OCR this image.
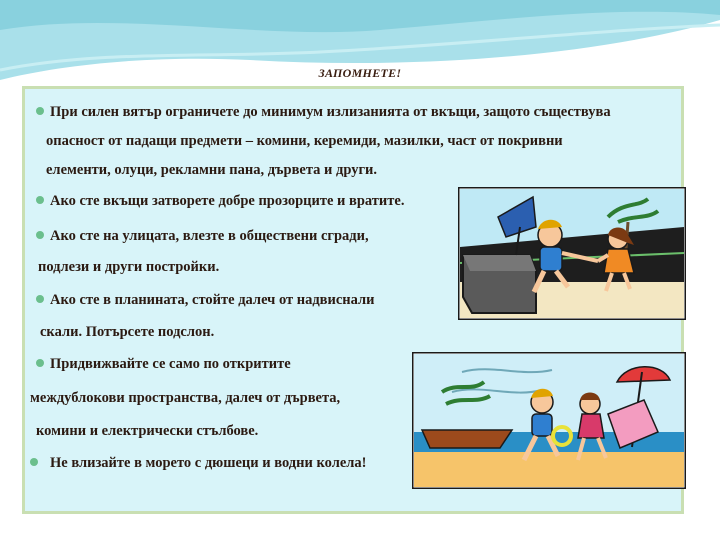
ЗАПОМНЕТЕ!
При силен вятър ограничете до минимум излизанията от вкъщи, защото съществува
опасност от падащи предмети – комини, керемиди, мазилки, част от покривни
елементи, олуци, рекламни пана, дървета и други.
Ако сте вкъщи затворете добре прозорците и вратите.
Ако сте на улицата, влезте в обществени сгради,
подлези и други постройки.
Ако сте в планината, стойте далеч от надвиснали
скали. Потърсете подслон.
Придвижвайте се само по откритите
междублокови пространства, далеч от дървета,
комини и електрически стълбове.
Не влизайте в морето с дюшеци и водни колела!
